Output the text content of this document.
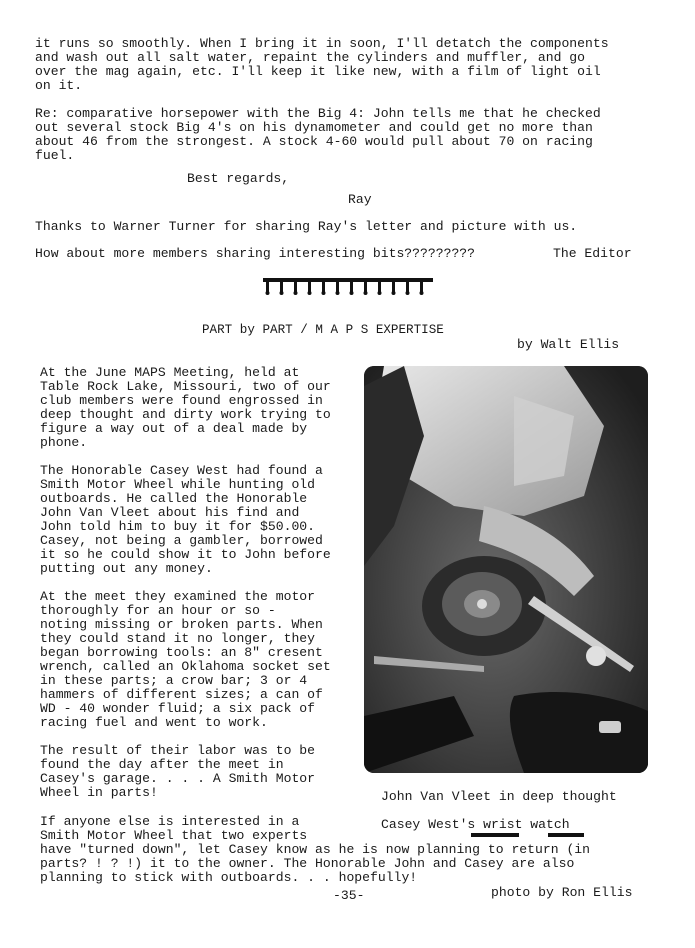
it runs so smoothly. When I bring it in soon, I'll detatch the components
and wash out all salt water, repaint the cylinders and muffler, and go
over the mag again, etc. I'll keep it like new, with a film of light oil
on it.
Re: comparative horsepower with the Big 4: John tells me that he checked
out several stock Big 4's on his dynamometer and could get no more than
about 46 from the strongest. A stock 4-60 would pull about 70 on racing
fuel.
Best regards,
Ray
Thanks to Warner Turner for sharing Ray's letter and picture with us.
How about more members sharing interesting bits?????????	The Editor
PART by PART / M A P S EXPERTISE
by Walt Ellis
At the June MAPS Meeting, held at
Table Rock Lake, Missouri, two of our
club members were found engrossed in
deep thought and dirty work trying to
figure a way out of a deal made by
phone.
The Honorable Casey West had found a
Smith Motor Wheel while hunting old
outboards. He called the Honorable
John Van Vleet about his find and
John told him to buy it for $50.00.
Casey, not being a gambler, borrowed
it so he could show it to John before
putting out any money.
At the meet they examined the motor
thoroughly for an hour or so -
noting missing or broken parts. When
they could stand it no longer, they
began borrowing tools: an 8" cresent
wrench, called an Oklahoma socket set
in these parts; a crow bar; 3 or 4
hammers of different sizes; a can of
WD - 40 wonder fluid; a six pack of
racing fuel and went to work.
The result of their labor was to be
found the day after the meet in
Casey's garage. . . . A Smith Motor
Wheel in parts!	John Van Vleet in deep thought
Casey West's wrist watch
If anyone else is interested in a
Smith Motor Wheel that two experts
have "turned down", let Casey know as he is now planning to return (in
parts? ! ? !) it to the owner. The Honorable John and Casey are also
planning to stick with outboards. . . hopefully!
-35-	photo by Ron Ellis
